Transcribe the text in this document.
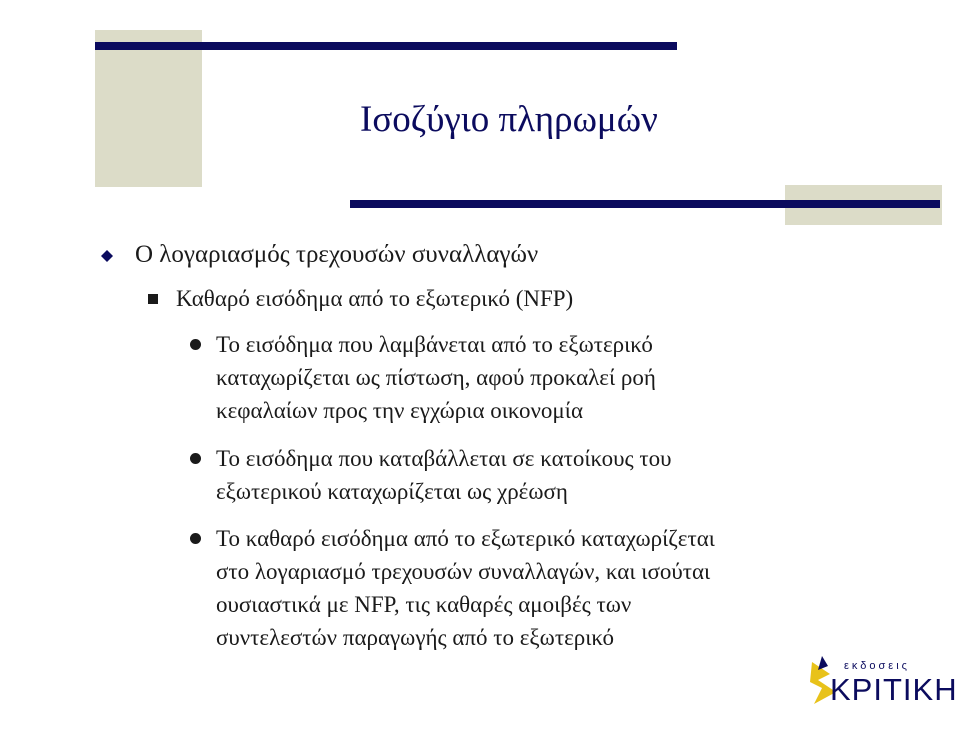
Ισοζύγιο πληρωμών
Ο λογαριασμός τρεχουσών συναλλαγών
Καθαρό εισόδημα από το εξωτερικό (NFP)
Το εισόδημα που λαμβάνεται από το εξωτερικό
καταχωρίζεται ως πίστωση, αφού προκαλεί ροή
κεφαλαίων προς την εγχώρια οικονομία
Το εισόδημα που καταβάλλεται σε κατοίκους του
εξωτερικού καταχωρίζεται ως χρέωση
Το καθαρό εισόδημα από το εξωτερικό καταχωρίζεται
στο λογαριασμό τρεχουσών συναλλαγών, και ισούται
ουσιαστικά με NFP, τις καθαρές αμοιβές των
συντελεστών παραγωγής από το εξωτερικό
εκδοσεις
ΚΡΙΤΙΚΗ
